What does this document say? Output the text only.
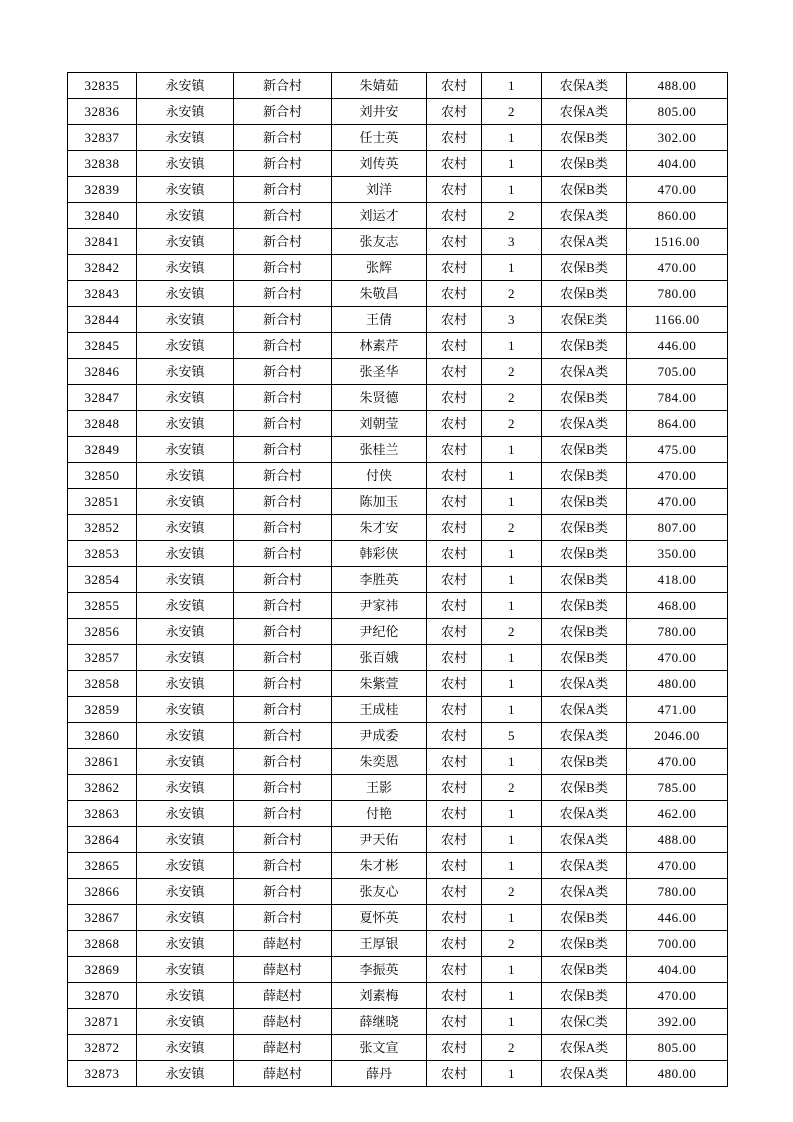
32835	永安镇	新合村	朱婧茹	农村	1	农保A类	488.00
32836	永安镇	新合村	刘井安	农村	2	农保A类	805.00
32837	永安镇	新合村	任士英	农村	1	农保B类	302.00
32838	永安镇	新合村	刘传英	农村	1	农保B类	404.00
32839	永安镇	新合村	刘洋	农村	1	农保B类	470.00
32840	永安镇	新合村	刘运才	农村	2	农保A类	860.00
32841	永安镇	新合村	张友志	农村	3	农保A类	1516.00
32842	永安镇	新合村	张辉	农村	1	农保B类	470.00
32843	永安镇	新合村	朱敬昌	农村	2	农保B类	780.00
32844	永安镇	新合村	王倩	农村	3	农保E类	1166.00
32845	永安镇	新合村	林素芹	农村	1	农保B类	446.00
32846	永安镇	新合村	张圣华	农村	2	农保A类	705.00
32847	永安镇	新合村	朱贤德	农村	2	农保B类	784.00
32848	永安镇	新合村	刘朝莹	农村	2	农保A类	864.00
32849	永安镇	新合村	张桂兰	农村	1	农保B类	475.00
32850	永安镇	新合村	付侠	农村	1	农保B类	470.00
32851	永安镇	新合村	陈加玉	农村	1	农保B类	470.00
32852	永安镇	新合村	朱才安	农村	2	农保B类	807.00
32853	永安镇	新合村	韩彩侠	农村	1	农保B类	350.00
32854	永安镇	新合村	李胜英	农村	1	农保B类	418.00
32855	永安镇	新合村	尹家祎	农村	1	农保B类	468.00
32856	永安镇	新合村	尹纪伦	农村	2	农保B类	780.00
32857	永安镇	新合村	张百娥	农村	1	农保B类	470.00
32858	永安镇	新合村	朱紫萱	农村	1	农保A类	480.00
32859	永安镇	新合村	王成桂	农村	1	农保A类	471.00
32860	永安镇	新合村	尹成委	农村	5	农保A类	2046.00
32861	永安镇	新合村	朱奕恩	农村	1	农保B类	470.00
32862	永安镇	新合村	王影	农村	2	农保B类	785.00
32863	永安镇	新合村	付艳	农村	1	农保A类	462.00
32864	永安镇	新合村	尹天佑	农村	1	农保A类	488.00
32865	永安镇	新合村	朱才彬	农村	1	农保A类	470.00
32866	永安镇	新合村	张友心	农村	2	农保A类	780.00
32867	永安镇	新合村	夏怀英	农村	1	农保B类	446.00
32868	永安镇	薛赵村	王厚银	农村	2	农保B类	700.00
32869	永安镇	薛赵村	李振英	农村	1	农保B类	404.00
32870	永安镇	薛赵村	刘素梅	农村	1	农保B类	470.00
32871	永安镇	薛赵村	薛继晓	农村	1	农保C类	392.00
32872	永安镇	薛赵村	张文宣	农村	2	农保A类	805.00
32873	永安镇	薛赵村	薛丹	农村	1	农保A类	480.00
